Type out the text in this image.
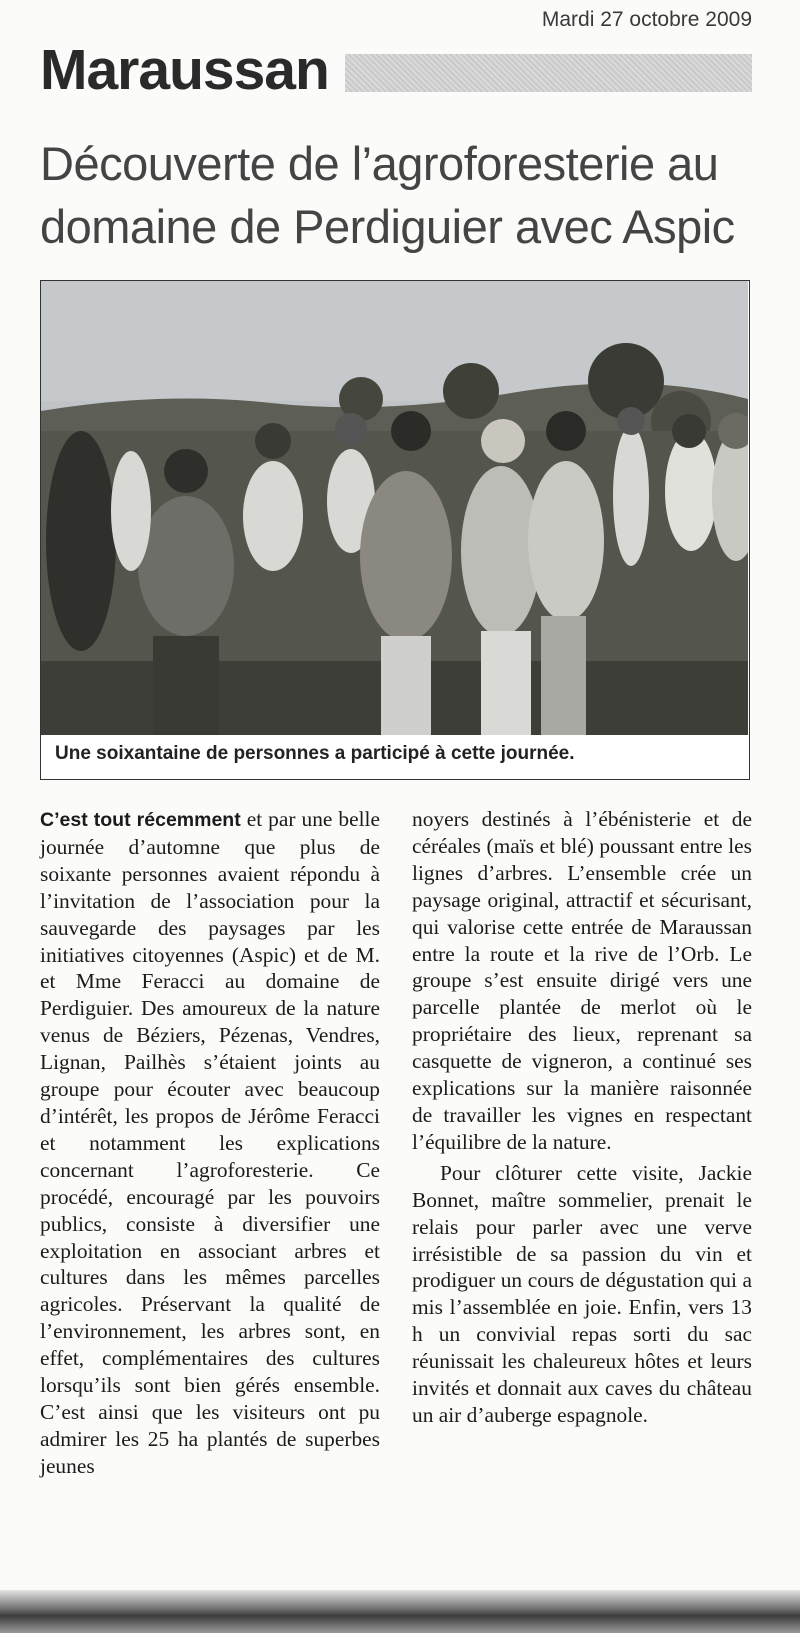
Mardi 27 octobre 2009
Maraussan
Découverte de l’agroforesterie au domaine de Perdiguier avec Aspic
Une soixantaine de personnes a participé à cette journée.

C’est tout récemment et par une belle journée d’automne que plus de soixante personnes avaient répondu à l’invitation de l’association pour la sauvegarde des paysages par les initiatives citoyennes (Aspic) et de M. et Mme Feracci au domaine de Perdiguier. Des amoureux de la nature venus de Béziers, Pézenas, Vendres, Lignan, Pailhès s’étaient joints au groupe pour écouter avec beaucoup d’intérêt, les propos de Jérôme Feracci et notamment les explications concernant l’agroforesterie. Ce procédé, encouragé par les pouvoirs publics, consiste à diversifier une exploitation en associant arbres et cultures dans les mêmes parcelles agricoles. Préservant la qualité de l’environnement, les arbres sont, en effet, complémentaires des cultures lorsqu’ils sont bien gérés ensemble. C’est ainsi que les visiteurs ont pu admirer les 25 ha plantés de superbes jeunes

noyers destinés à l’ébénisterie et de céréales (maïs et blé) poussant entre les lignes d’arbres. L’ensemble crée un paysage original, attractif et sécurisant, qui valorise cette entrée de Maraussan entre la route et la rive de l’Orb. Le groupe s’est ensuite dirigé vers une parcelle plantée de merlot où le propriétaire des lieux, reprenant sa casquette de vigneron, a continué ses explications sur la manière raisonnée de travailler les vignes en respectant l’équilibre de la nature.

Pour clôturer cette visite, Jackie Bonnet, maître sommelier, prenait le relais pour parler avec une verve irrésistible de sa passion du vin et prodiguer un cours de dégustation qui a mis l’assemblée en joie. Enfin, vers 13 h un convivial repas sorti du sac réunissait les chaleureux hôtes et leurs invités et donnait aux caves du château un air d’auberge espagnole.
